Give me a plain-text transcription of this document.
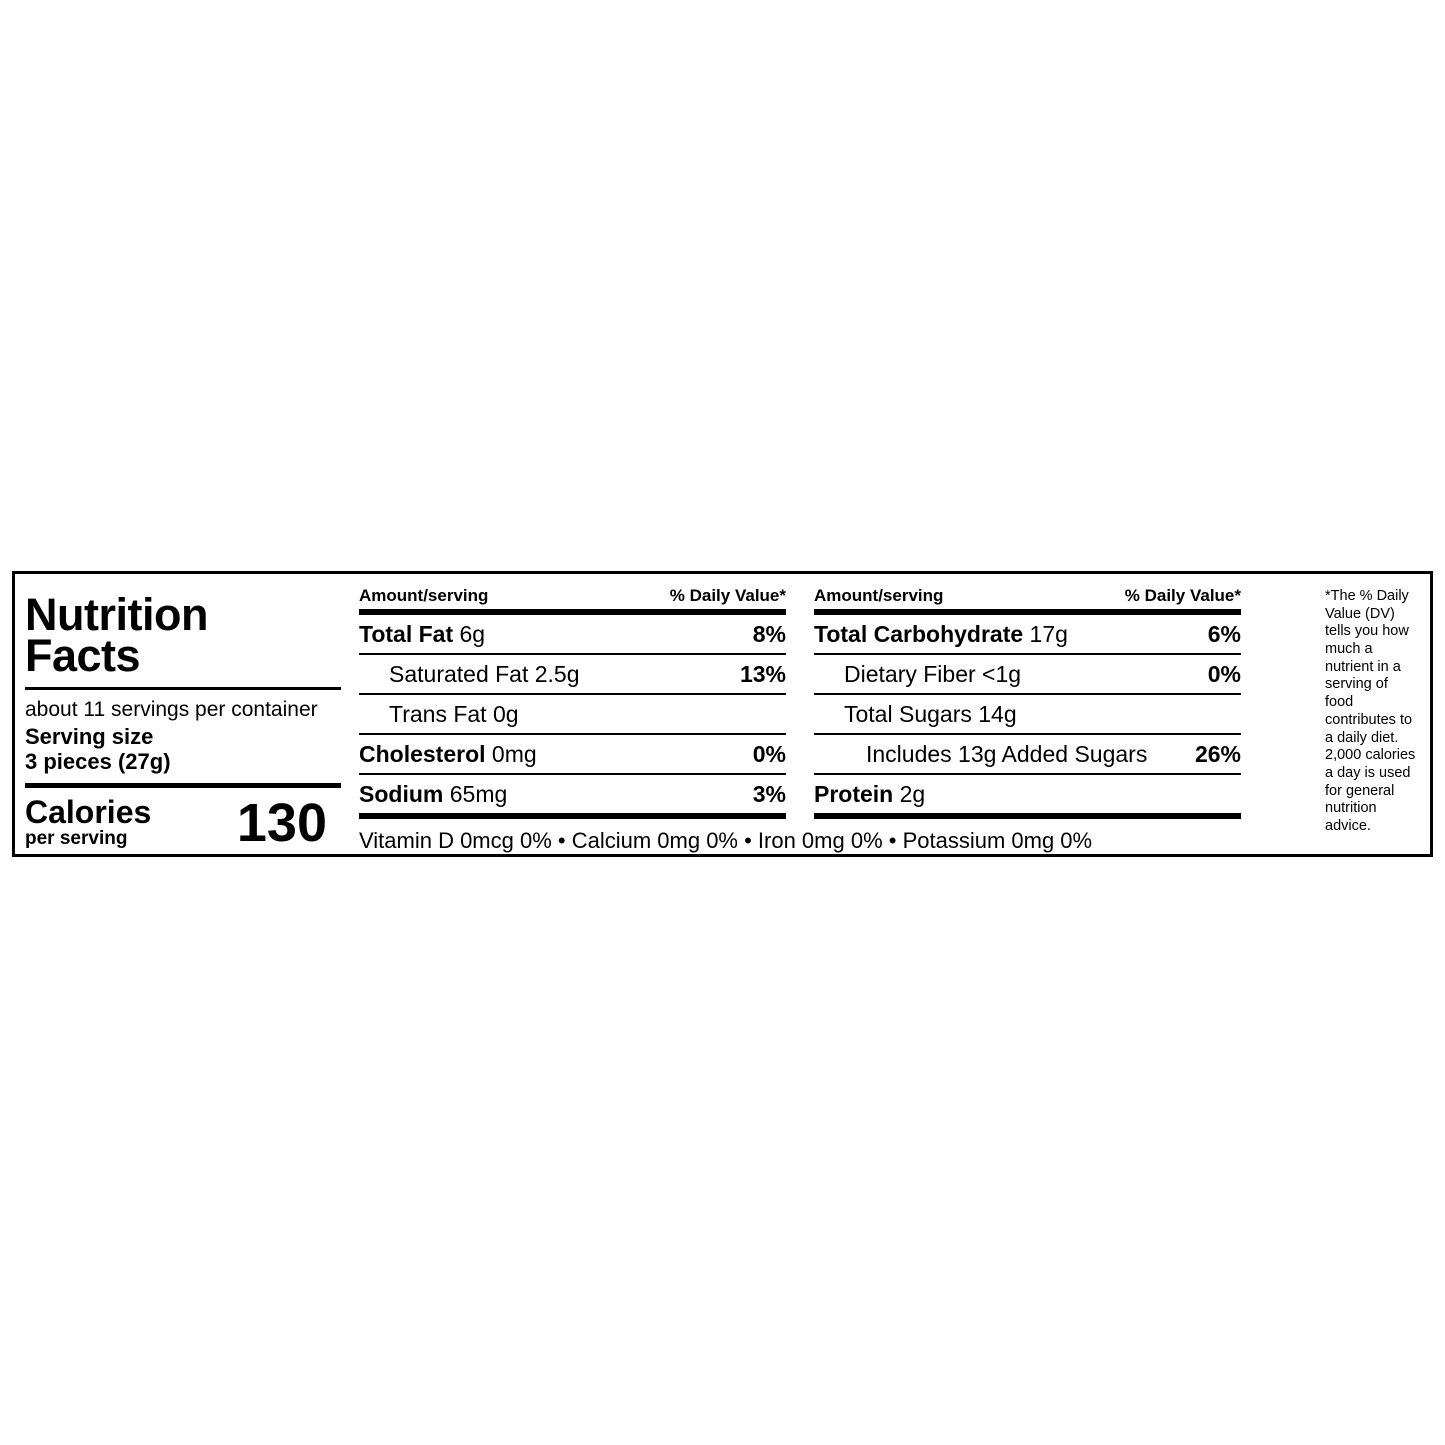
Nutrition
Facts
about 11 servings per container
Serving size
3 pieces (27g)
Calories
per serving	130
Amount/serving	% Daily Value*
Total Fat 6g	8%
Saturated Fat 2.5g	13%
Trans Fat 0g
Cholesterol 0mg	0%
Sodium 65mg	3%
Amount/serving	% Daily Value*
Total Carbohydrate 17g	6%
Dietary Fiber <1g	0%
Total Sugars 14g
Includes 13g Added Sugars 26%
Protein 2g
Vitamin D 0mcg 0% • Calcium 0mg 0% • Iron 0mg 0% • Potassium 0mg 0%
*The % Daily Value (DV) tells you how much a nutrient in a serving of food contributes to a daily diet. 2,000 calories a day is used for general nutrition advice.
